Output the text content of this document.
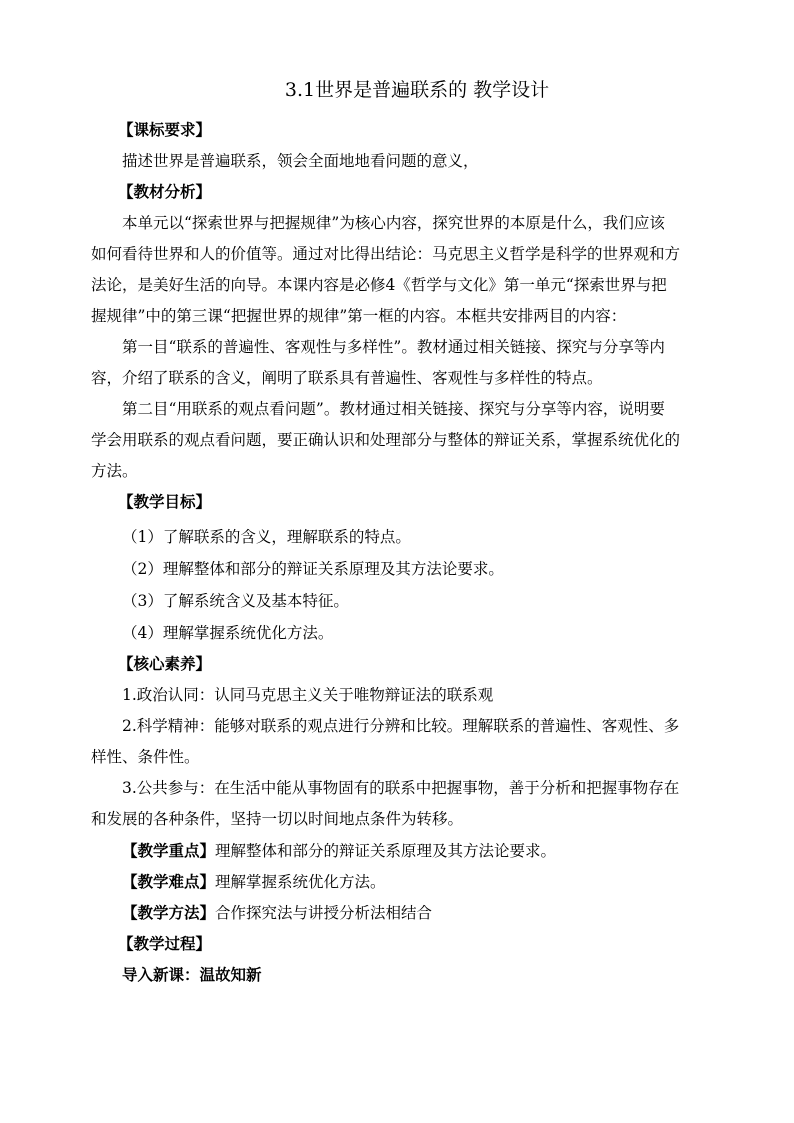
3.1世界是普遍联系的 教学设计
【课标要求】
描述世界是普遍联系，领会全面地地看问题的意义，
【教材分析】
本单元以“探索世界与把握规律”为核心内容，探究世界的本原是什么，我们应该
如何看待世界和人的价值等。通过对比得出结论：马克思主义哲学是科学的世界观和方
法论，是美好生活的向导。本课内容是必修4《哲学与文化》第一单元“探索世界与把
握规律”中的第三课“把握世界的规律”第一框的内容。本框共安排两目的内容：
第一目“联系的普遍性、客观性与多样性”。教材通过相关链接、探究与分享等内
容，介绍了联系的含义，阐明了联系具有普遍性、客观性与多样性的特点。
第二目“用联系的观点看问题”。教材通过相关链接、探究与分享等内容，说明要
学会用联系的观点看问题，要正确认识和处理部分与整体的辩证关系，掌握系统优化的
方法。
【教学目标】
（1）了解联系的含义，理解联系的特点。
（2）理解整体和部分的辩证关系原理及其方法论要求。
（3）了解系统含义及基本特征。
（4）理解掌握系统优化方法。
【核心素养】
1.政治认同：认同马克思主义关于唯物辩证法的联系观
2.科学精神：能够对联系的观点进行分辨和比较。理解联系的普遍性、客观性、多
样性、条件性。
3.公共参与：在生活中能从事物固有的联系中把握事物，善于分析和把握事物存在
和发展的各种条件，坚持一切以时间地点条件为转移。
【教学重点】理解整体和部分的辩证关系原理及其方法论要求。
【教学难点】理解掌握系统优化方法。
【教学方法】合作探究法与讲授分析法相结合
【教学过程】
导入新课：温故知新
